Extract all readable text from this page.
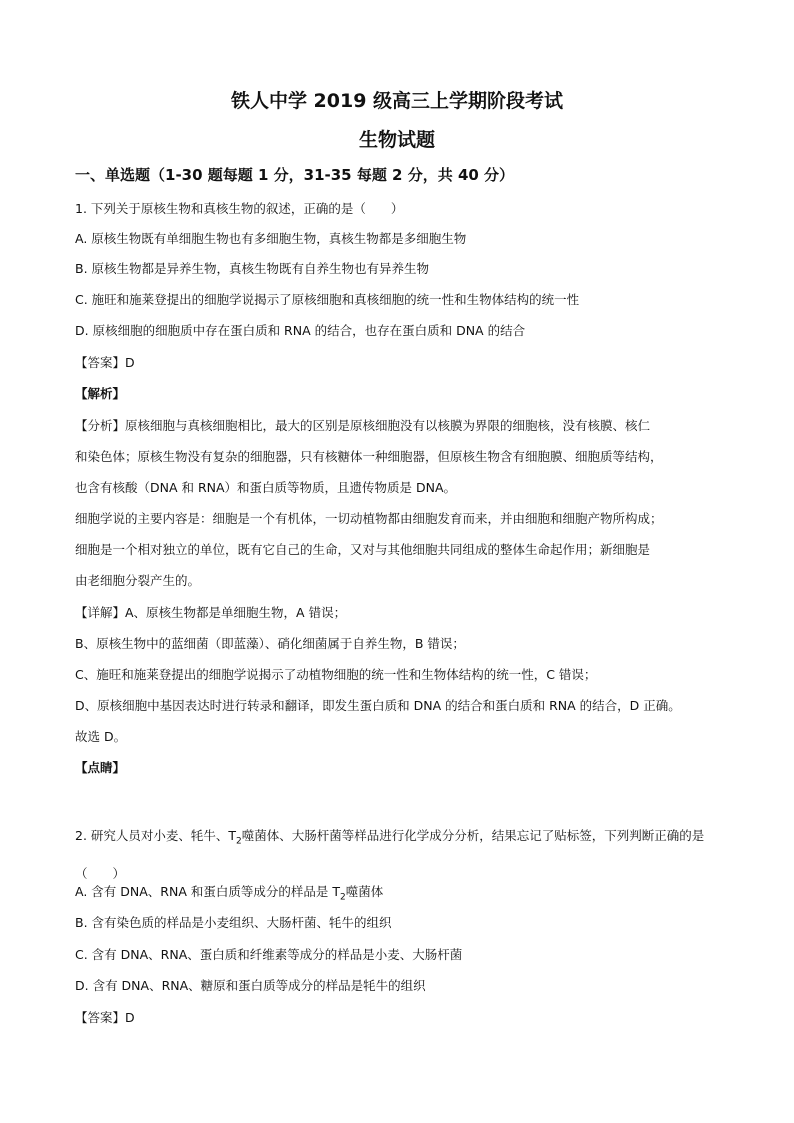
铁人中学 2019 级高三上学期阶段考试
生物试题
一、单选题（1-30 题每题 1 分，31-35 每题 2 分，共 40 分）
1. 下列关于原核生物和真核生物的叙述，正确的是（　　）
A. 原核生物既有单细胞生物也有多细胞生物，真核生物都是多细胞生物
B. 原核生物都是异养生物，真核生物既有自养生物也有异养生物
C. 施旺和施莱登提出的细胞学说揭示了原核细胞和真核细胞的统一性和生物体结构的统一性
D. 原核细胞的细胞质中存在蛋白质和 RNA 的结合，也存在蛋白质和 DNA 的结合
【答案】D
【解析】
【分析】原核细胞与真核细胞相比，最大的区别是原核细胞没有以核膜为界限的细胞核，没有核膜、核仁
和染色体；原核生物没有复杂的细胞器，只有核糖体一种细胞器，但原核生物含有细胞膜、细胞质等结构，
也含有核酸（DNA 和 RNA）和蛋白质等物质，且遗传物质是 DNA。
细胞学说的主要内容是：细胞是一个有机体，一切动植物都由细胞发育而来，并由细胞和细胞产物所构成；
细胞是一个相对独立的单位，既有它自己的生命，又对与其他细胞共同组成的整体生命起作用；新细胞是
由老细胞分裂产生的。
【详解】A、原核生物都是单细胞生物，A 错误；
B、原核生物中的蓝细菌（即蓝藻）、硝化细菌属于自养生物，B 错误；
C、施旺和施莱登提出的细胞学说揭示了动植物细胞的统一性和生物体结构的统一性，C 错误；
D、原核细胞中基因表达时进行转录和翻译，即发生蛋白质和 DNA 的结合和蛋白质和 RNA 的结合，D 正确。
故选 D。
【点睛】
2. 研究人员对小麦、牦牛、$T_2$噬菌体、大肠杆菌等样品进行化学成分分析，结果忘记了贴标签，下列判断正确的是（　　）
A. 含有 DNA、RNA 和蛋白质等成分的样品是 $T_2$噬菌体
B. 含有染色质的样品是小麦组织、大肠杆菌、牦牛的组织
C. 含有 DNA、RNA、蛋白质和纤维素等成分的样品是小麦、大肠杆菌
D. 含有 DNA、RNA、糖原和蛋白质等成分的样品是牦牛的组织
【答案】D
